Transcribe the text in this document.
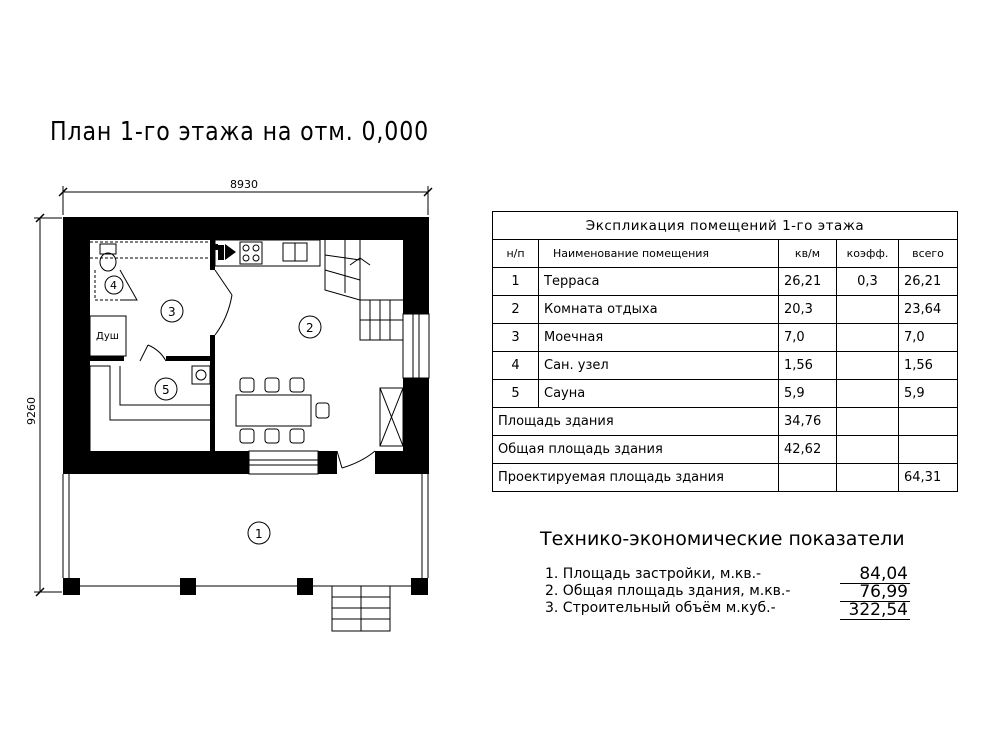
План 1-го этажа на отм. 0,000
8930
9260
Душ
1
2
3
4
5
Экспликация помещений 1-го этажа				
н/п	Наименование помещения	кв/м	коэфф.	всего
1	Терраса	26,21	0,3	26,21
2	Комната отдыха	20,3		23,64
3	Моечная	7,0		7,0
4	Сан. узел	1,56		1,56
5	Сауна	5,9		5,9
Площадь здания		34,76		
Общая площадь здания		42,62		
Проектируемая площадь здания				64,31
Технико-экономические показатели
1. Площадь застройки, м.кв.-
2. Общая площадь здания, м.кв.-
3. Строительный объём м.куб.-
84,04
76,99
322,54
